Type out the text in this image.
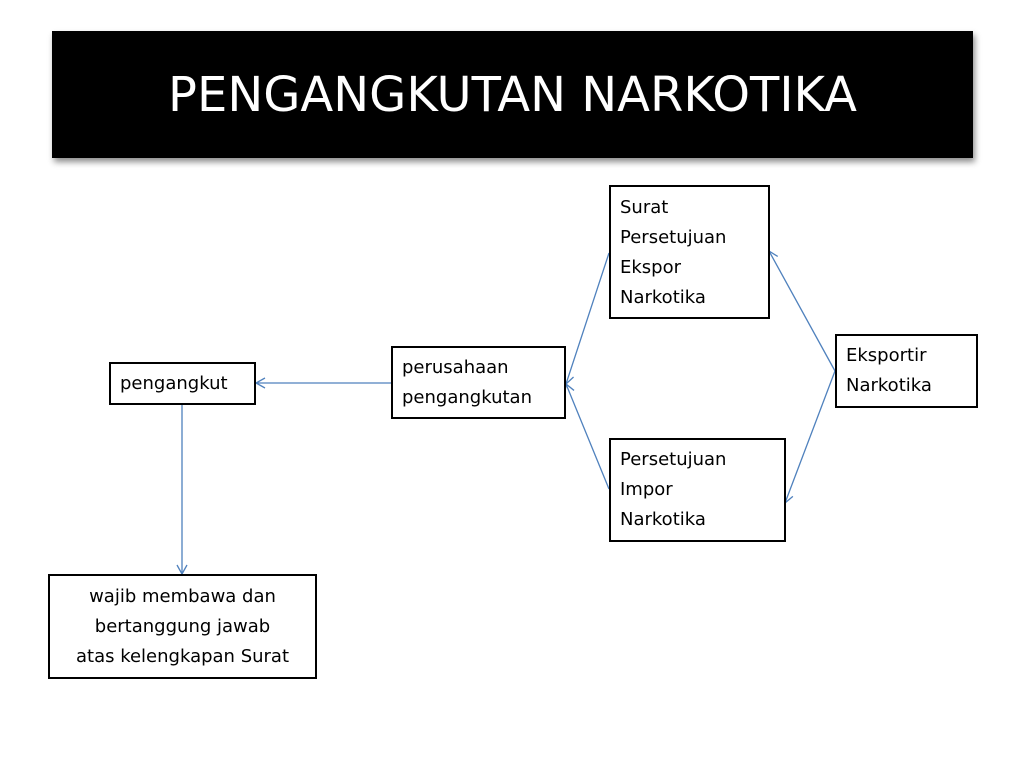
PENGANGKUTAN NARKOTIKA
pengangkut
perusahaan
pengangkutan
Surat
Persetujuan
Ekspor
Narkotika
Persetujuan
Impor
Narkotika
Eksportir
Narkotika
wajib membawa dan
bertanggung jawab
atas kelengkapan Surat
